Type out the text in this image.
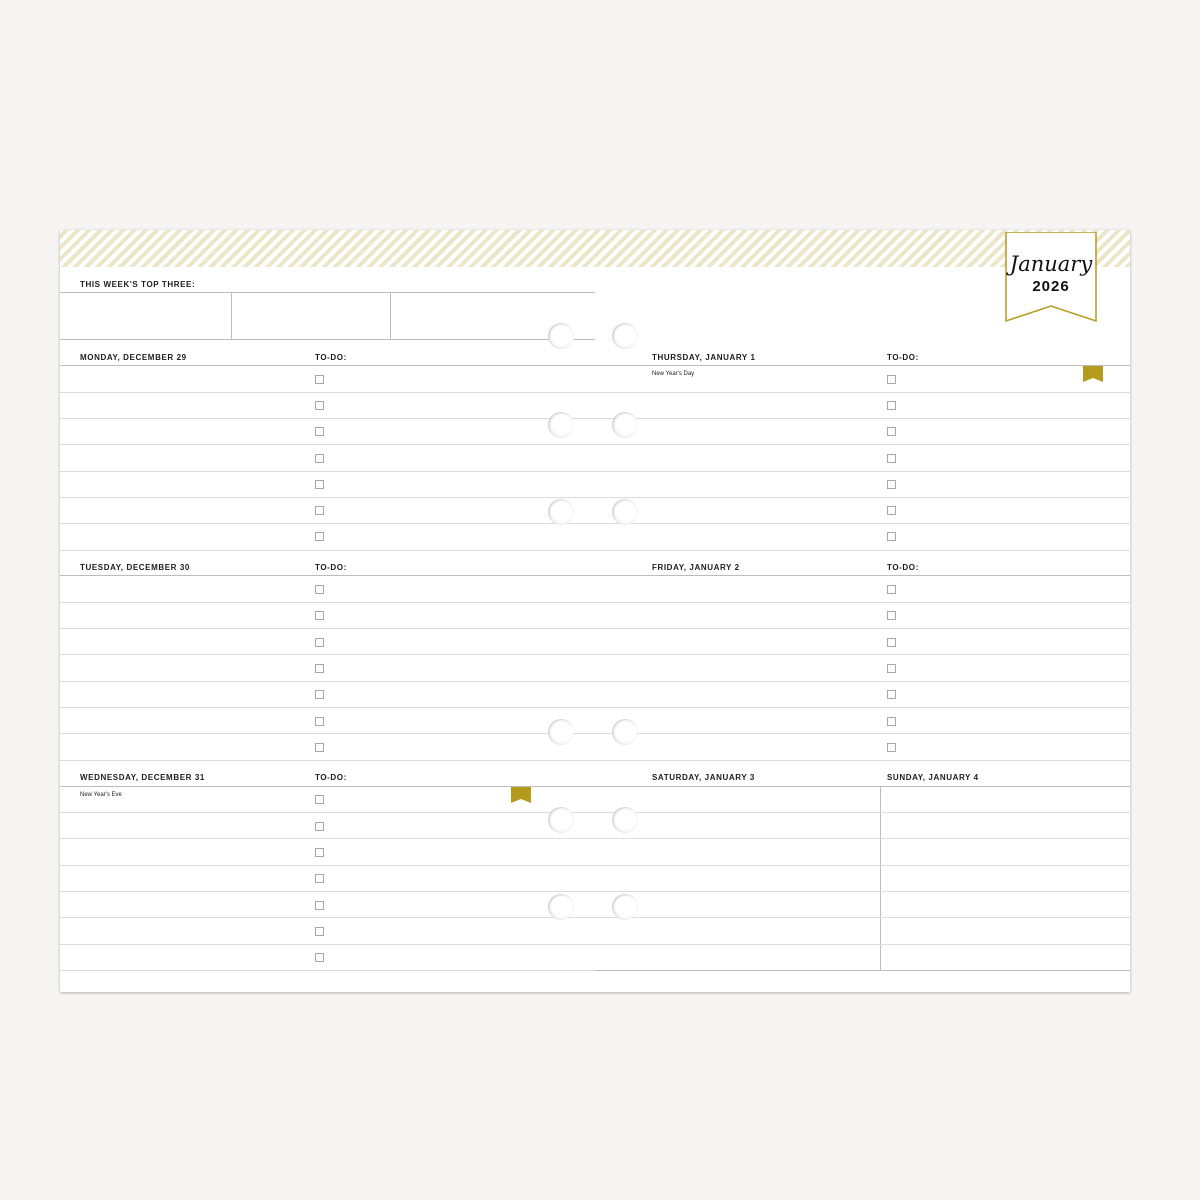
January
2026
THIS WEEK'S TOP THREE:
MONDAY, DECEMBER 29	TO-DO:
TUESDAY, DECEMBER 30	TO-DO:
WEDNESDAY, DECEMBER 31	TO-DO:
New Year's Eve
THURSDAY, JANUARY 1	TO-DO:
New Year's Day
FRIDAY, JANUARY 2	TO-DO:
SATURDAY, JANUARY 3	SUNDAY, JANUARY 4
